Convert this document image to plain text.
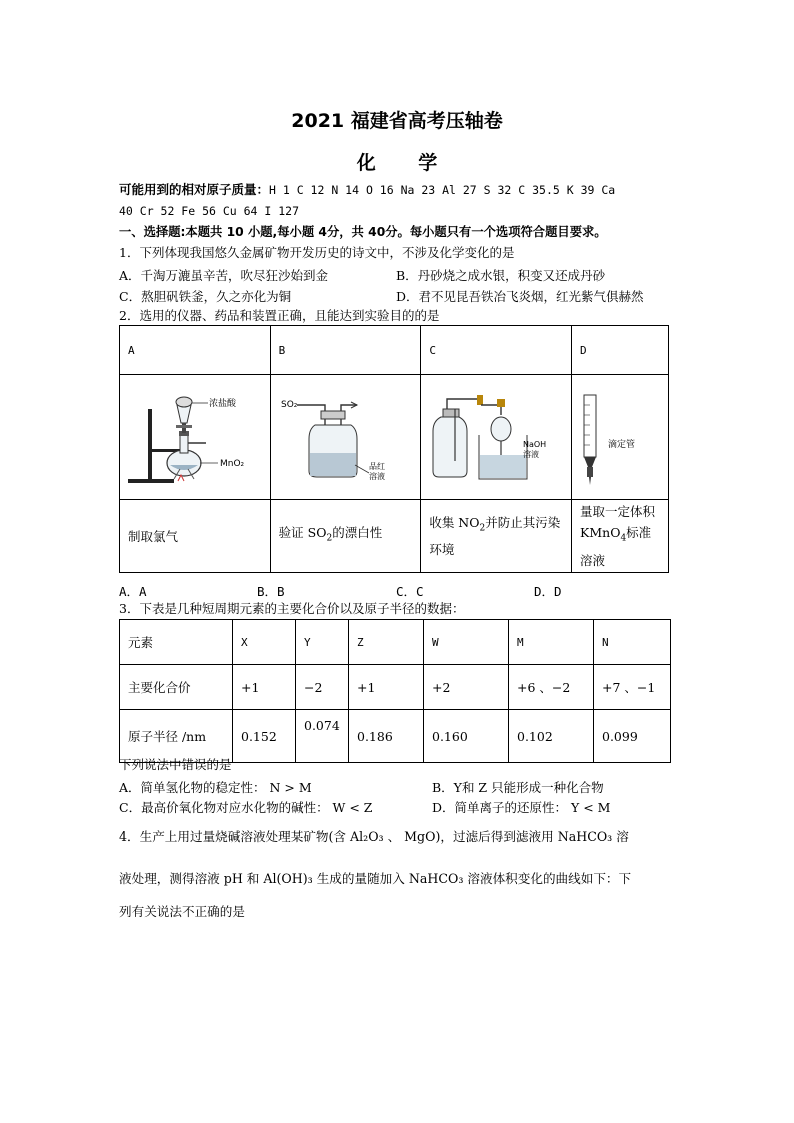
2021 福建省高考压轴卷
化 学
可能用到的相对原子质量：H 1 C 12 N 14 O 16 Na 23 Al 27 S 32 C 35.5 K 39 Ca
40 Cr 52 Fe 56 Cu 64 I 127
一、选择题:本题共 10 小题,每小题 4分，共 40分。每小题只有一个选项符合题目要求。
1．下列体现我国悠久金属矿物开发历史的诗文中，不涉及化学变化的是
A．千淘万漉虽辛苦，吹尽狂沙始到金	B．丹砂烧之成水银，积变又还成丹砂
C．熬胆矾铁釜，久之亦化为铜	D．君不见昆吾铁冶飞炎烟，红光紫气俱赫然
2．选用的仪器、药品和装置正确，且能达到实验目的的是
A	B	C	D

浓盐酸
MnO₂	SO₂
品红
溶液	NaOH
溶液	滴定管

制取氯气	验证 $SO_2$的漂白性	收集 $NO_2$并防止其污染环境	量取一定体积 KMnO$_4$标准溶液
A．A	B．B	C．C	D．D
3．下表是几种短周期元素的主要化合价以及原子半径的数据：
元素	X	Y	Z	W	M	N
主要化合价	+1	−2	+1	+2	+6 、−2	+7 、−1
原子半径 /nm	0.152	0.074	0.186	0.160	0.102	0.099
下列说法中错误的是
A．简单氢化物的稳定性： N > M	B．Y和 Z 只能形成一种化合物
C．最高价氧化物对应水化物的碱性： W < Z	D．简单离子的还原性： Y < M
4．生产上用过量烧碱溶液处理某矿物(含 Al₂O₃ 、 MgO)，过滤后得到滤液用 NaHCO₃ 溶
液处理，测得溶液 pH 和 Al(OH)₃ 生成的量随加入 NaHCO₃ 溶液体积变化的曲线如下：下
列有关说法不正确的是
